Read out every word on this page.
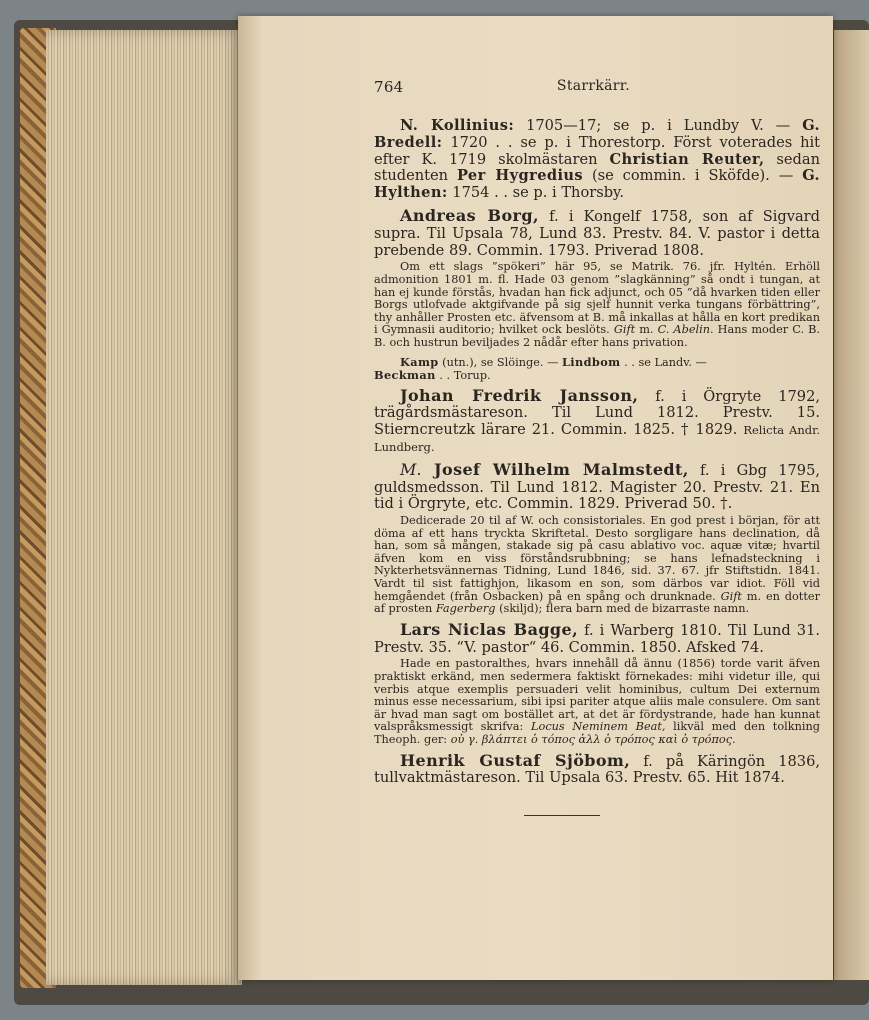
764	Starrkärr.

N. Kollinius: 1705—17; se p. i Lundby V. — G. Bredell: 1720 . . se p. i Thorestorp. Först voterades hit efter K. 1719 skolmästaren Christian Reuter, sedan studenten Per Hygredius (se commin. i Sköfde). — G. Hylthen: 1754 . . se p. i Thorsby.

Andreas Borg, f. i Kongelf 1758, son af Sigvard supra. Til Upsala 78, Lund 83. Prestv. 84. V. pastor i detta prebende 89. Commin. 1793. Priverad 1808.

Om ett slags ”spökeri” här 95, se Matrik. 76. jfr. Hyltén. Erhöll admonition 1801 m. fl. Hade 03 genom ”slagkänning” så ondt i tungan, at han ej kunde förstås, hvadan han fick adjunct, och 05 ”då hvarken tiden eller Borgs utlofvade aktgifvande på sig sjelf hunnit verka tungans förbättring”, thy anhåller Prosten etc. äfvensom at B. må inkallas at hålla en kort predikan i Gymnasii auditorio; hvilket ock beslöts. Gift m. C. Abelin. Hans moder C. B. B. och hustrun beviljades 2 nådår efter hans privation.

Kamp (utn.), se Slöinge. — Lindbom . . se Landv. —
Beckman . . Torup.

Johan Fredrik Jansson, f. i Örgryte 1792, trägårdsmästareson. Til Lund 1812. Prestv. 15. Stierncreutzk lärare 21. Commin. 1825. † 1829. Relicta Andr. Lundberg.

M. Josef Wilhelm Malmstedt, f. i Gbg 1795, guldsmedsson. Til Lund 1812. Magister 20. Prestv. 21. En tid i Örgryte, etc. Commin. 1829. Priverad 50. †.

Dedicerade 20 til af W. och consistoriales. En god prest i början, för att döma af ett hans tryckta Skriftetal. Desto sorgligare hans declination, då han, som så mången, stakade sig på casu ablativo voc. aquæ vitæ; hvartil äfven kom en viss förståndsrubbning; se hans lefnadsteckning i Nykterhetsvännernas Tidning, Lund 1846, sid. 37. 67. jfr Stiftstidn. 1841. Vardt til sist fattighjon, likasom en son, som därbos var idiot. Föll vid hemgåendet (från Osbacken) på en spång och drunknade. Gift m. en dotter af prosten Fagerberg (skiljd); flera barn med de bizarraste namn.

Lars Niclas Bagge, f. i Warberg 1810. Til Lund 31. Prestv. 35. “V. pastor“ 46. Commin. 1850. Afsked 74.

Hade en pastoralthes, hvars innehåll då ännu (1856) torde varit äfven praktiskt erkänd, men sedermera faktiskt förnekades: mihi videtur ille, qui verbis atque exemplis persuaderi velit hominibus, cultum Dei externum minus esse necessarium, sibi ipsi pariter atque aliis male consulere. Om sant är hvad man sagt om bostället art, at det är fördystrande, hade han kunnat valspråksmessigt skrifva: Locus Neminem Beat, likväl med den tolkning Theoph. ger: οὐ γ. βλάπτει ὁ τόπος ἀλλ ὁ τρόπος καὶ ὁ τρόπος.

Henrik Gustaf Sjöbom, f. på Käringön 1836, tullvaktmästareson. Til Upsala 63. Prestv. 65. Hit 1874.
